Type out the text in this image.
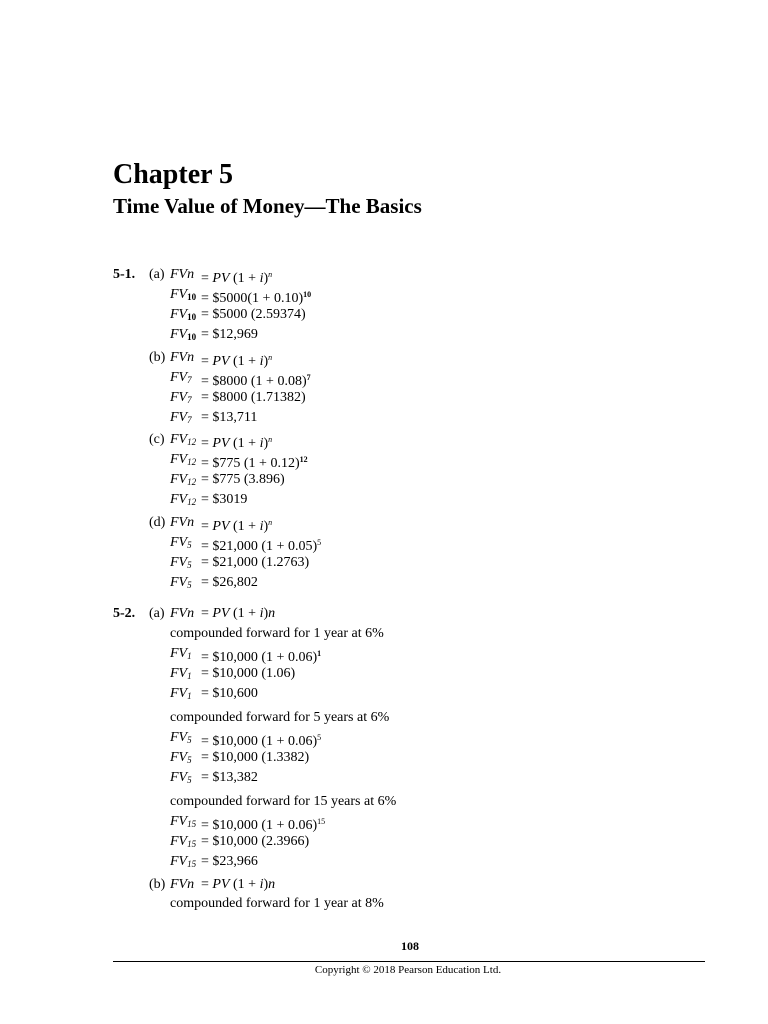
Chapter 5
Time Value of Money—The Basics
5-1. (a) FVn = PV $(1 + i)^n$
$FV_{10}$ = $5000(1 + 0.10)$^{10}$
$FV_{10}$ = $5000 (2.59374)
$FV_{10}$ = $12,969
(b) FVn = PV $(1 + i)^n$
$FV_7$ = $8000 $(1 + 0.08)^7$
$FV_7$ = $8000 (1.71382)
$FV_7$ = $13,711
(c) $FV_{12}$ = PV $(1 + i)^n$
$FV_{12}$ = $775 $(1 + 0.12)^{12}$
$FV_{12}$ = $775 (3.896)
$FV_{12}$ = $3019
(d) FVn = PV $(1 + i)^n$
$FV_5$ = $21,000 $(1 + 0.05)^5$
$FV_5$ = $21,000 (1.2763)
$FV_5$ = $26,802
5-2. (a) FVn = PV (1 + i)n
compounded forward for 1 year at 6%
$FV_1$ = $10,000 $(1 + 0.06)^1$
$FV_1$ = $10,000 (1.06)
$FV_1$ = $10,600
compounded forward for 5 years at 6%
$FV_5$ = $10,000 $(1 + 0.06)^5$
$FV_5$ = $10,000 (1.3382)
$FV_5$ = $13,382
compounded forward for 15 years at 6%
$FV_{15}$ = $10,000 $(1 + 0.06)^{15}$
$FV_{15}$ = $10,000 (2.3966)
$FV_{15}$ = $23,966
(b) FVn = PV (1 + i)n
compounded forward for 1 year at 8%
108
Copyright © 2018 Pearson Education Ltd.
